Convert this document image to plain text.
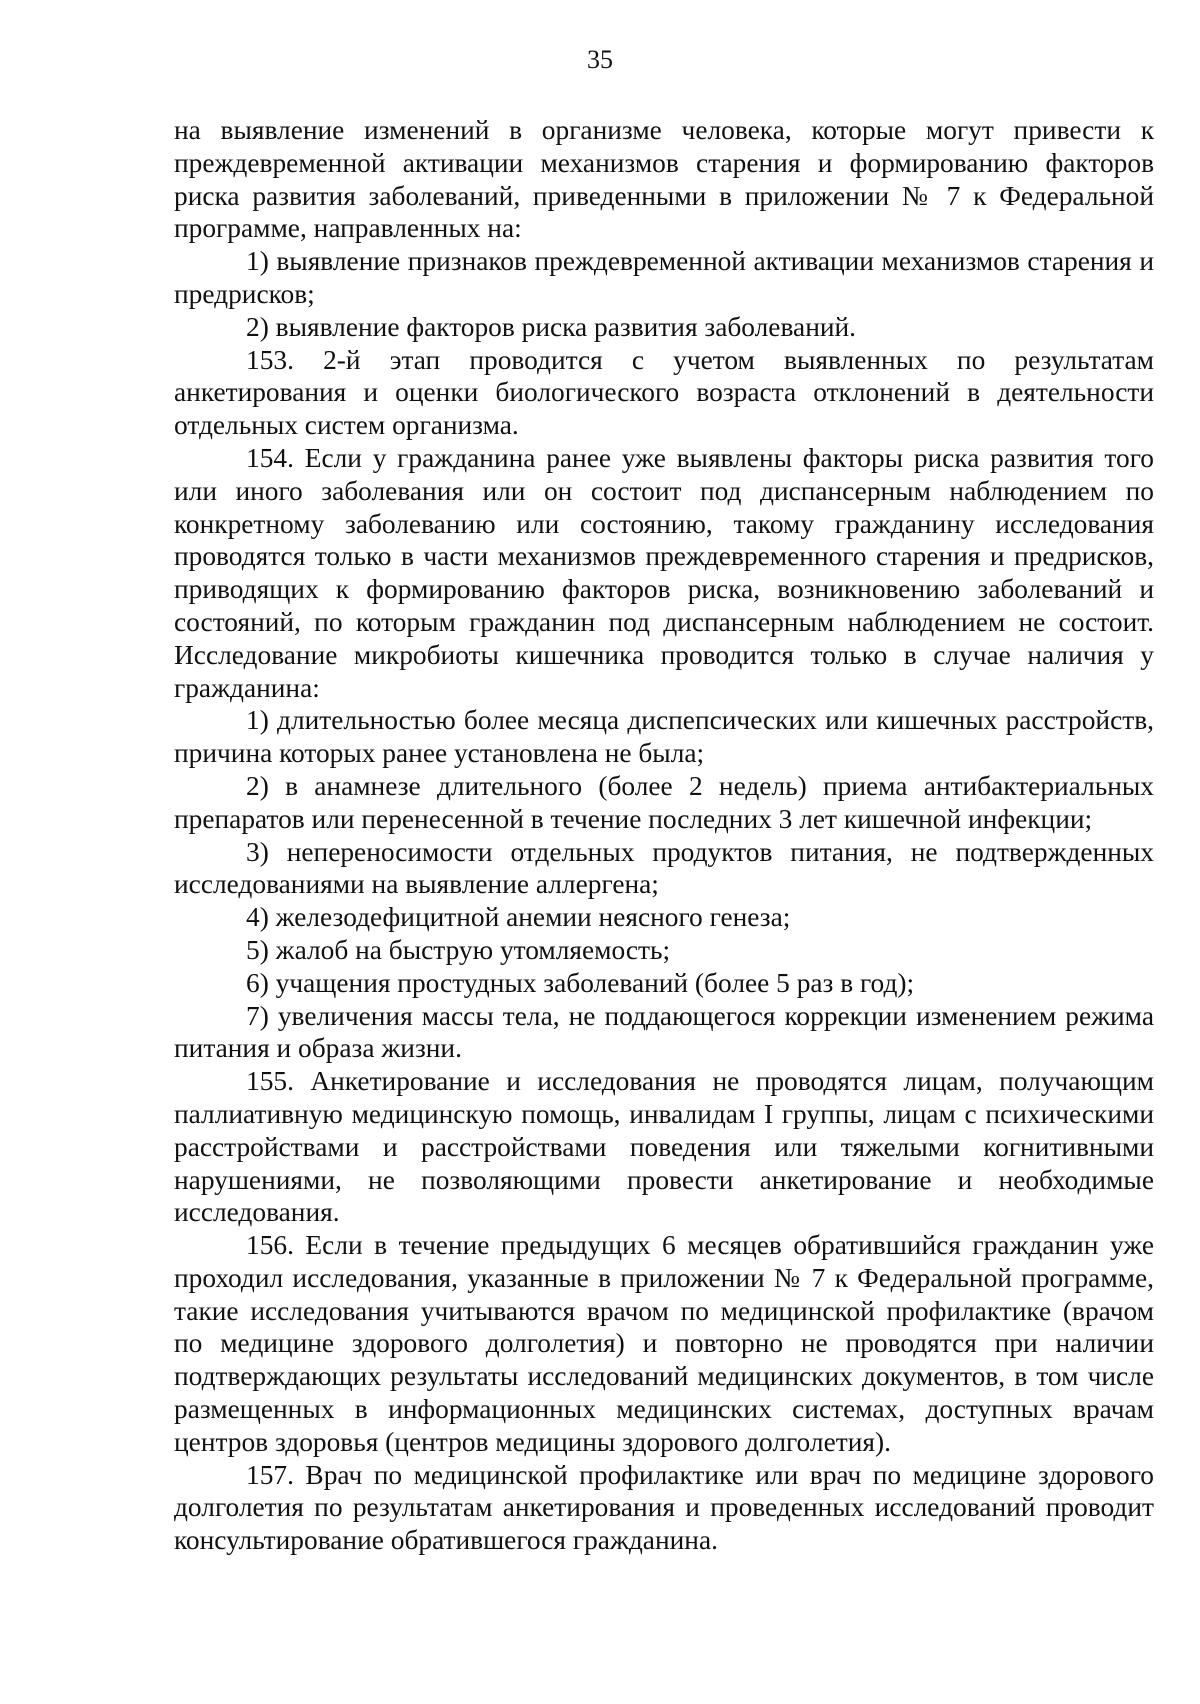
35

на выявление изменений в организме человека, которые могут привести к преждевременной активации механизмов старения и формированию факторов риска развития заболеваний, приведенными в приложении № 7 к Федеральной программе, направленных на:

1) выявление признаков преждевременной активации механизмов старения и предрисков;

2) выявление факторов риска развития заболеваний.

153. 2-й этап проводится с учетом выявленных по результатам анкетирования и оценки биологического возраста отклонений в деятельности отдельных систем организма.

154. Если у гражданина ранее уже выявлены факторы риска развития того или иного заболевания или он состоит под диспансерным наблюдением по конкретному заболеванию или состоянию, такому гражданину исследования проводятся только в части механизмов преждевременного старения и предрисков, приводящих к формированию факторов риска, возникновению заболеваний и состояний, по которым гражданин под диспансерным наблюдением не состоит. Исследование микробиоты кишечника проводится только в случае наличия у гражданина:

1) длительностью более месяца диспепсических или кишечных расстройств, причина которых ранее установлена не была;

2) в анамнезе длительного (более 2 недель) приема антибактериальных препаратов или перенесенной в течение последних 3 лет кишечной инфекции;

3) непереносимости отдельных продуктов питания, не подтвержденных исследованиями на выявление аллергена;

4) железодефицитной анемии неясного генеза;

5) жалоб на быструю утомляемость;

6) учащения простудных заболеваний (более 5 раз в год);

7) увеличения массы тела, не поддающегося коррекции изменением режима питания и образа жизни.

155. Анкетирование и исследования не проводятся лицам, получающим паллиативную медицинскую помощь, инвалидам I группы, лицам с психическими расстройствами и расстройствами поведения или тяжелыми когнитивными нарушениями, не позволяющими провести анкетирование и необходимые исследования.

156. Если в течение предыдущих 6 месяцев обратившийся гражданин уже проходил исследования, указанные в приложении № 7 к Федеральной программе, такие исследования учитываются врачом по медицинской профилактике (врачом по медицине здорового долголетия) и повторно не проводятся при наличии подтверждающих результаты исследований медицинских документов, в том числе размещенных в информационных медицинских системах, доступных врачам центров здоровья (центров медицины здорового долголетия).

157. Врач по медицинской профилактике или врач по медицине здорового долголетия по результатам анкетирования и проведенных исследований проводит консультирование обратившегося гражданина.
